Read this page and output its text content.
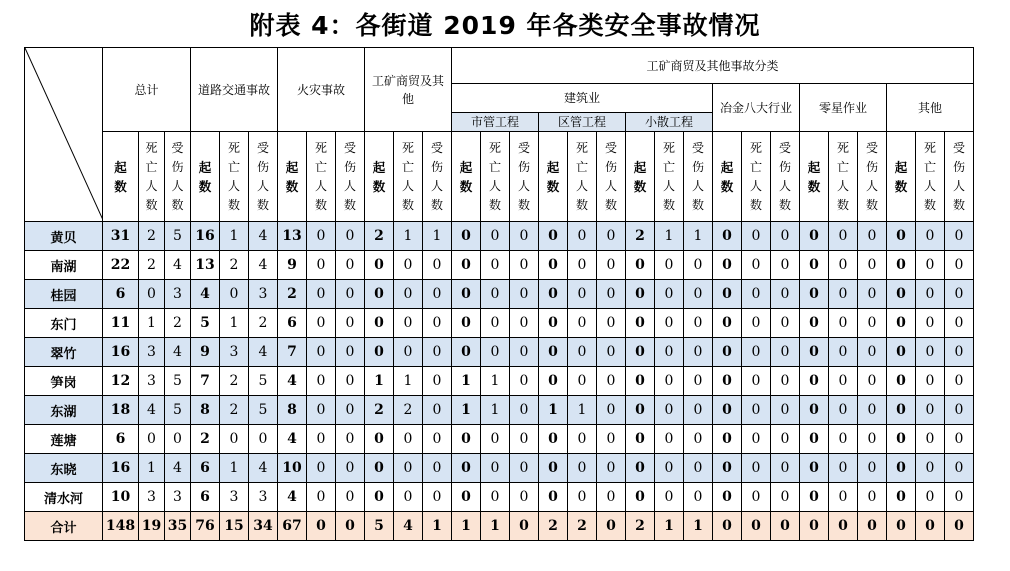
附表 4：各街道 2019 年各类安全事故情况
	总计			道路交通事故			火灾事故			工矿商贸及其他			工矿商贸及其他事故分类																	
													建筑业									冶金八大行业			零星作业			其他		
													市管工程			区管工程			小散工程											
	起数	死亡人数	受伤人数	起数	死亡人数	受伤人数	起数	死亡人数	受伤人数	起数	死亡人数	受伤人数	起数	死亡人数	受伤人数	起数	死亡人数	受伤人数	起数	死亡人数	受伤人数	起数	死亡人数	受伤人数	起数	死亡人数	受伤人数	起数	死亡人数	受伤人数
黄贝	31	2	5	16	1	4	13	0	0	2	1	1	0	0	0	0	0	0	2	1	1	0	0	0	0	0	0	0	0	0
南湖	22	2	4	13	2	4	9	0	0	0	0	0	0	0	0	0	0	0	0	0	0	0	0	0	0	0	0	0	0	0
桂园	6	0	3	4	0	3	2	0	0	0	0	0	0	0	0	0	0	0	0	0	0	0	0	0	0	0	0	0	0	0
东门	11	1	2	5	1	2	6	0	0	0	0	0	0	0	0	0	0	0	0	0	0	0	0	0	0	0	0	0	0	0
翠竹	16	3	4	9	3	4	7	0	0	0	0	0	0	0	0	0	0	0	0	0	0	0	0	0	0	0	0	0	0	0
笋岗	12	3	5	7	2	5	4	0	0	1	1	0	1	1	0	0	0	0	0	0	0	0	0	0	0	0	0	0	0	0
东湖	18	4	5	8	2	5	8	0	0	2	2	0	1	1	0	1	1	0	0	0	0	0	0	0	0	0	0	0	0	0
莲塘	6	0	0	2	0	0	4	0	0	0	0	0	0	0	0	0	0	0	0	0	0	0	0	0	0	0	0	0	0	0
东晓	16	1	4	6	1	4	10	0	0	0	0	0	0	0	0	0	0	0	0	0	0	0	0	0	0	0	0	0	0	0
清水河	10	3	3	6	3	3	4	0	0	0	0	0	0	0	0	0	0	0	0	0	0	0	0	0	0	0	0	0	0	0
合计	148	19	35	76	15	34	67	0	0	5	4	1	1	1	0	2	2	0	2	1	1	0	0	0	0	0	0	0	0	0
